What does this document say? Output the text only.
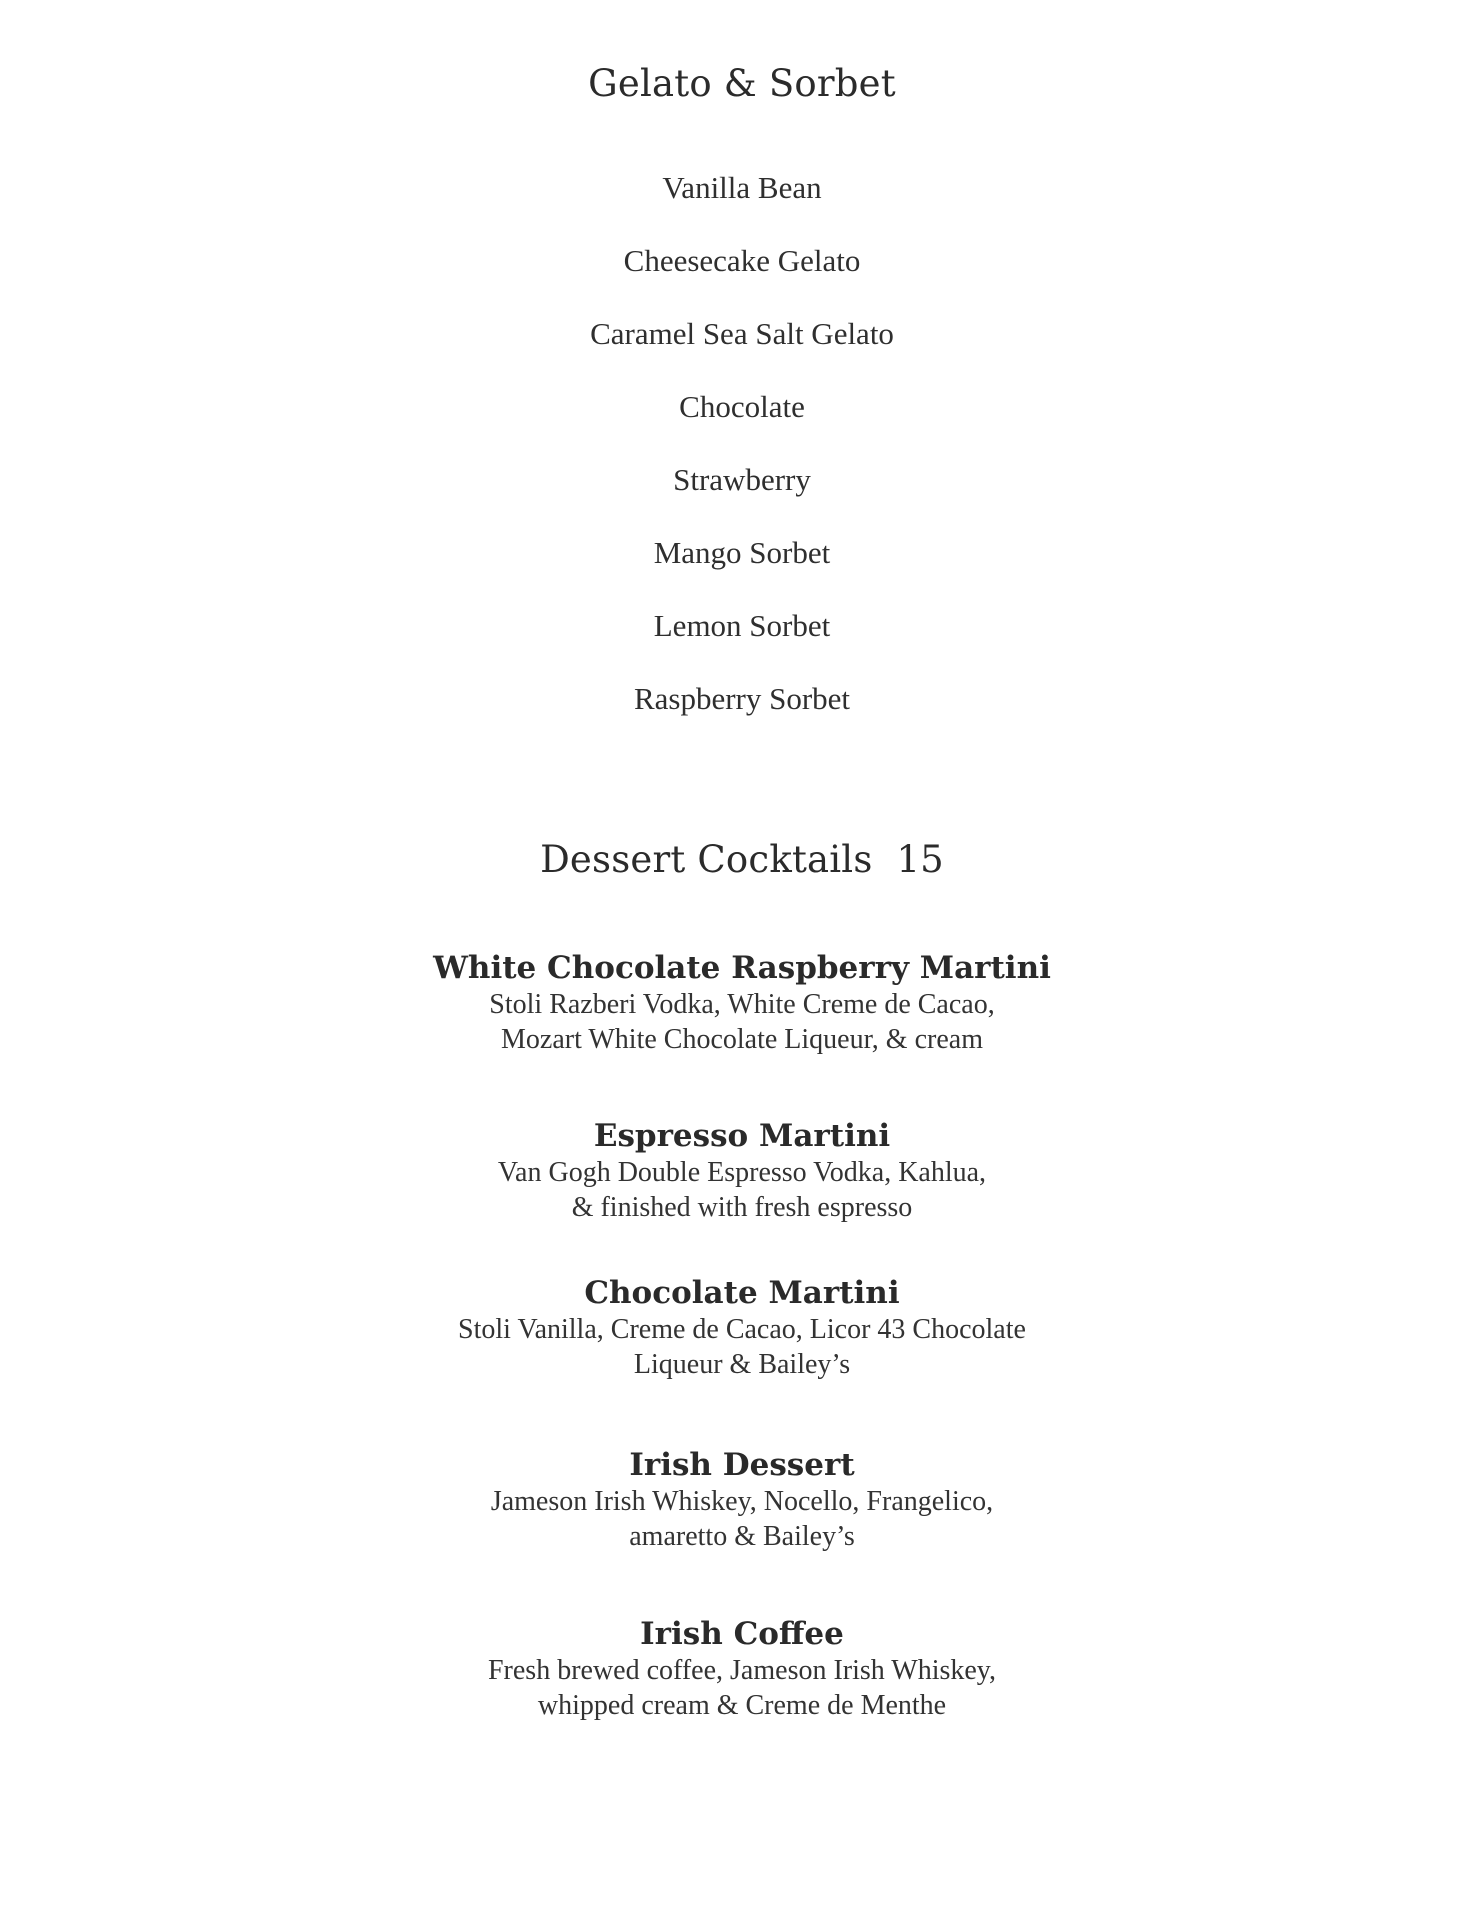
Gelato & Sorbet
Vanilla Bean
Cheesecake Gelato
Caramel Sea Salt Gelato
Chocolate
Strawberry
Mango Sorbet
Lemon Sorbet
Raspberry Sorbet
Dessert Cocktails  15

White Chocolate Raspberry Martini

Stoli Razberi Vodka, White Creme de Cacao,

Mozart White Chocolate Liqueur, & cream

Espresso Martini

Van Gogh Double Espresso Vodka, Kahlua,

& finished with fresh espresso

Chocolate Martini

Stoli Vanilla, Creme de Cacao, Licor 43 Chocolate

Liqueur & Bailey’s

Irish Dessert

Jameson Irish Whiskey, Nocello, Frangelico,

amaretto & Bailey’s

Irish Coffee

Fresh brewed coffee, Jameson Irish Whiskey,

whipped cream & Creme de Menthe
